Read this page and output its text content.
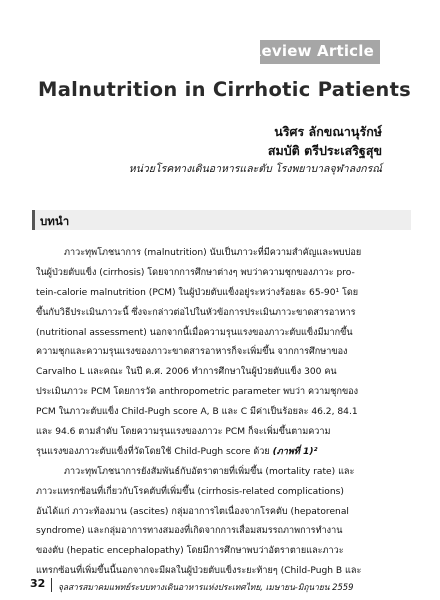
Review Article
Malnutrition in Cirrhotic Patients
นริศร ลักขณานุรักษ์
สมบัติ ตรีประเสริฐสุข
หน่วยโรคทางเดินอาหารและตับ โรงพยาบาลจุฬาลงกรณ์
บทนำ
ภาวะทุพโภชนาการ (malnutrition) นับเป็นภาวะที่มีความสำคัญและพบบ่อย
ในผู้ป่วยตับแข็ง (cirrhosis) โดยจากการศึกษาต่างๆ พบว่าความชุกของภาวะ pro-
tein-calorie malnutrition (PCM) ในผู้ป่วยตับแข็งอยู่ระหว่างร้อยละ 65-90¹ โดย
ขึ้นกับวิธีประเมินภาวะนี้ ซึ่งจะกล่าวต่อไปในหัวข้อการประเมินภาวะขาดสารอาหาร
(nutritional assessment) นอกจากนี้เมื่อความรุนแรงของภาวะตับแข็งมีมากขึ้น
ความชุกและความรุนแรงของภาวะขาดสารอาหารก็จะเพิ่มขึ้น จากการศึกษาของ
Carvalho L และคณะ ในปี ค.ศ. 2006 ทำการศึกษาในผู้ป่วยตับแข็ง 300 คน
ประเมินภาวะ PCM โดยการวัด anthropometric parameter พบว่า ความชุกของ
PCM ในภาวะตับแข็ง Child-Pugh score A, B และ C มีค่าเป็นร้อยละ 46.2, 84.1
และ 94.6 ตามลำดับ โดยความรุนแรงของภาวะ PCM ก็จะเพิ่มขึ้นตามความ
รุนแรงของภาวะตับแข็งที่วัดโดยใช้ Child-Pugh score ด้วย (ภาพที่ 1)²
ภาวะทุพโภชนาการยังสัมพันธ์กับอัตราตายที่เพิ่มขึ้น (mortality rate) และ
ภาวะแทรกซ้อนที่เกี่ยวกับโรคตับที่เพิ่มขึ้น (cirrhosis-related complications)
อันได้แก่ ภาวะท้องมาน (ascites) กลุ่มอาการไตเนื่องจากโรคตับ (hepatorenal
syndrome) และกลุ่มอาการทางสมองที่เกิดจากการเสื่อมสมรรถภาพการทำงาน
ของตับ (hepatic encephalopathy) โดยมีการศึกษาพบว่าอัตราตายและภาวะ
แทรกซ้อนที่เพิ่มขึ้นนี้นอกจากจะมีผลในผู้ป่วยตับแข็งระยะท้ายๆ (Child-Pugh B และ
32 จุลสารสมาคมแพทย์ระบบทางเดินอาหารแห่งประเทศไทย, เมษายน-มิถุนายน 2559
